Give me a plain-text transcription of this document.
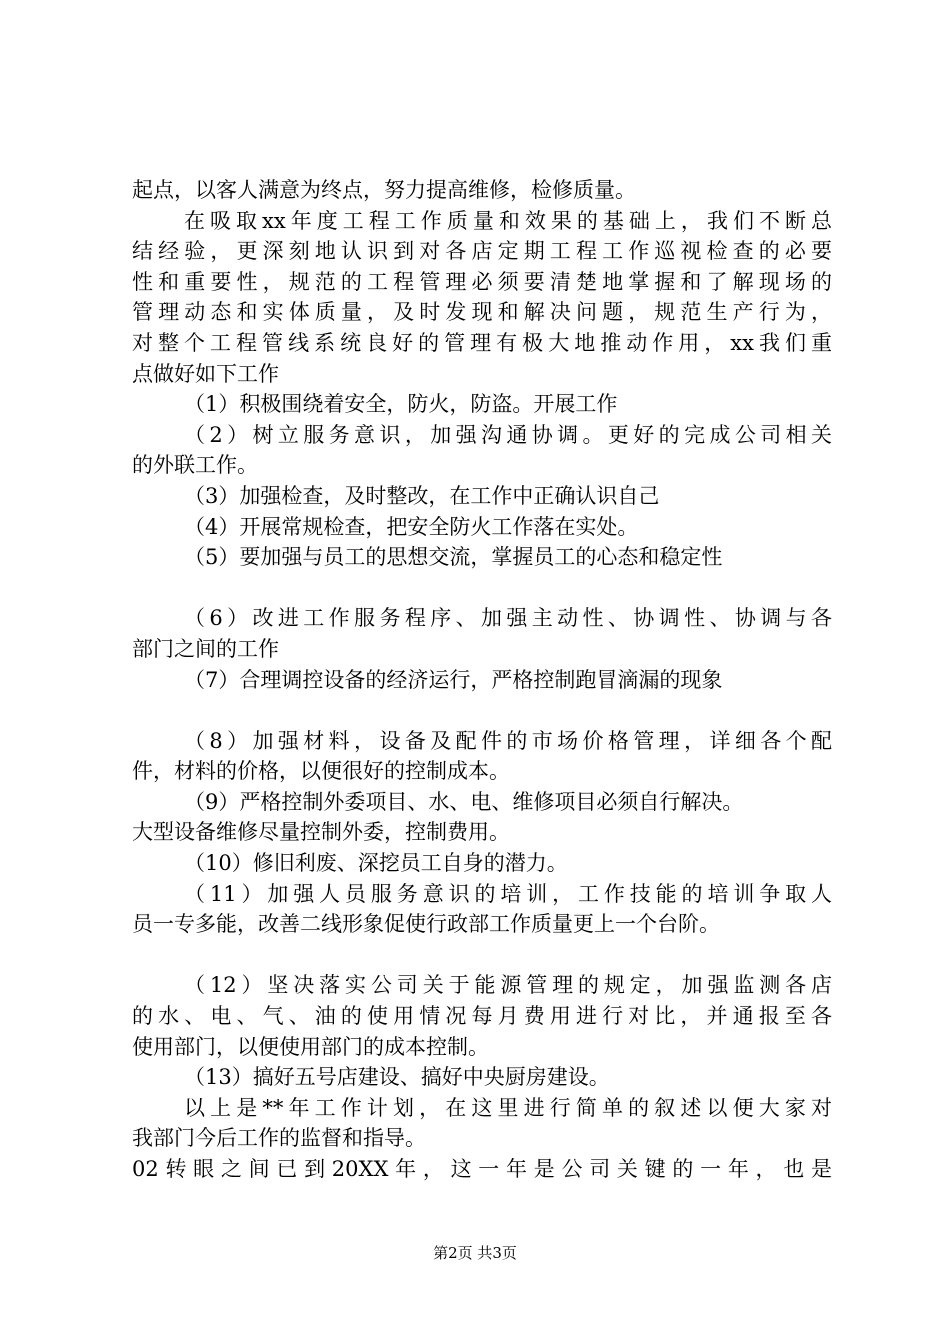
起点，以客人满意为终点，努力提高维修，检修质量。
在吸取xx年度工程工作质量和效果的基础上，我们不断总
结经验，更深刻地认识到对各店定期工程工作巡视检查的必要
性和重要性，规范的工程管理必须要清楚地掌握和了解现场的
管理动态和实体质量，及时发现和解决问题，规范生产行为，
对整个工程管线系统良好的管理有极大地推动作用，xx我们重
点做好如下工作
（1）积极围绕着安全，防火，防盗。开展工作
（2）树立服务意识，加强沟通协调。更好的完成公司相关
的外联工作。
（3）加强检查，及时整改，在工作中正确认识自己
（4）开展常规检查，把安全防火工作落在实处。
（5）要加强与员工的思想交流，掌握员工的心态和稳定性
（6）改进工作服务程序、加强主动性、协调性、协调与各
部门之间的工作
（7）合理调控设备的经济运行，严格控制跑冒滴漏的现象
（8）加强材料，设备及配件的市场价格管理，详细各个配
件，材料的价格，以便很好的控制成本。
（9）严格控制外委项目、水、电、维修项目必须自行解决。
大型设备维修尽量控制外委，控制费用。
（10）修旧利废、深挖员工自身的潜力。
（11）加强人员服务意识的培训，工作技能的培训争取人
员一专多能，改善二线形象促使行政部工作质量更上一个台阶。
（12）坚决落实公司关于能源管理的规定，加强监测各店
的水、电、气、油的使用情况每月费用进行对比，并通报至各
使用部门，以便使用部门的成本控制。
（13）搞好五号店建设、搞好中央厨房建设。
以上是**年工作计划，在这里进行简单的叙述以便大家对
我部门今后工作的监督和指导。
02转眼之间已到20XX年，这一年是公司关键的一年，也是
第2页 共3页
